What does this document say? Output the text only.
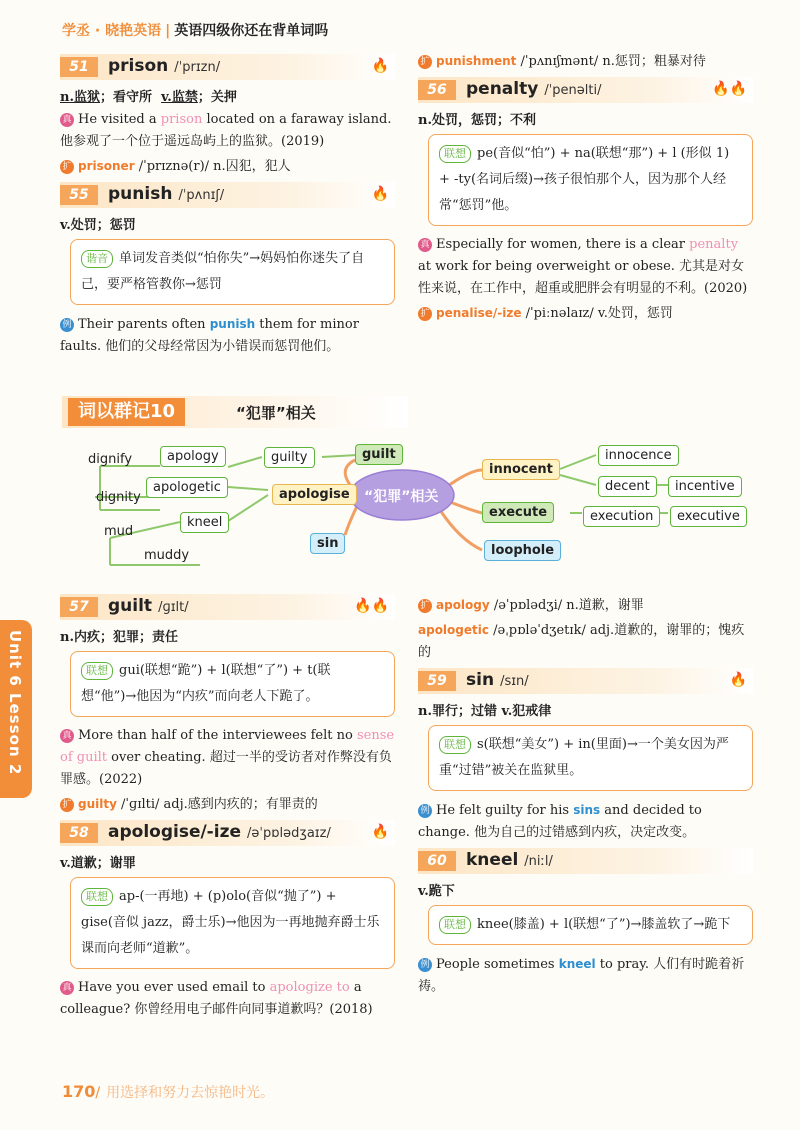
学丞 · 晓艳英语 | 英语四级你还在背单词吗
51	prison /ˈprɪzn/	🔥
n.监狱；看守所 v.监禁；关押
真 He visited a prison located on a faraway island. 他参观了一个位于遥远岛屿上的监狱。(2019)
扩 prisoner /ˈprɪznə(r)/ n.囚犯，犯人
55	punish /ˈpʌnɪʃ/	🔥
v.处罚；惩罚
谐音 单词发音类似“怕你失”→妈妈怕你迷失了自己，要严格管教你→惩罚
例 Their parents often punish them for minor faults. 他们的父母经常因为小错误而惩罚他们。
扩 punishment /ˈpʌnɪʃmənt/ n.惩罚；粗暴对待
56	penalty /ˈpenəlti/	🔥🔥
n.处罚，惩罚；不利
联想 pe(音似“怕”) + na(联想“那”) + l (形似 1) + -ty(名词后缀)→孩子很怕那个人，因为那个人经常“惩罚”他。
真 Especially for women, there is a clear penalty at work for being overweight or obese. 尤其是对女性来说，在工作中，超重或肥胖会有明显的不利。(2020)
扩 penalise/-ize /ˈpiːnəlaɪz/ v.处罚，惩罚
词以群记10	“犯罪”相关
dignify
dignity
mud
muddy
apology
apologetic
kneel
guilty	guilt
apologise
sin
“犯罪”相关
innocent
innocence
decent	incentive
execute	execution	executive
loophole
Unit 6 Lesson 2
57	guilt /ɡɪlt/	🔥🔥
n.内疚；犯罪；责任
联想 gui(联想“跪”) + l(联想“了”) + t(联想“他”)→他因为“内疚”而向老人下跪了。
真 More than half of the interviewees felt no sense of guilt over cheating. 超过一半的受访者对作弊没有负罪感。(2022)
扩 guilty /ˈɡɪlti/ adj.感到内疚的；有罪责的
58	apologise/-ize /əˈpɒlədʒaɪz/	🔥
v.道歉；谢罪
联想 ap-(一再地) + (p)olo(音似“抛了”) + gise(音似 jazz，爵士乐)→他因为一再地抛弃爵士乐课而向老师“道歉”。
真 Have you ever used email to apologize to a colleague? 你曾经用电子邮件向同事道歉吗？(2018)
扩 apology /əˈpɒlədʒi/ n.道歉，谢罪
apologetic /əˌpɒləˈdʒetɪk/ adj.道歉的，谢罪的；愧疚的
59	sin /sɪn/	🔥
n.罪行；过错 v.犯戒律
联想 s(联想“美女”) + in(里面)→一个美女因为严重“过错”被关在监狱里。
例 He felt guilty for his sins and decided to change. 他为自己的过错感到内疚，决定改变。
60	kneel /niːl/
v.跪下
联想 knee(膝盖) + l(联想“了”)→膝盖软了→跪下
例 People sometimes kneel to pray. 人们有时跪着祈祷。
170/ 用选择和努力去惊艳时光。
